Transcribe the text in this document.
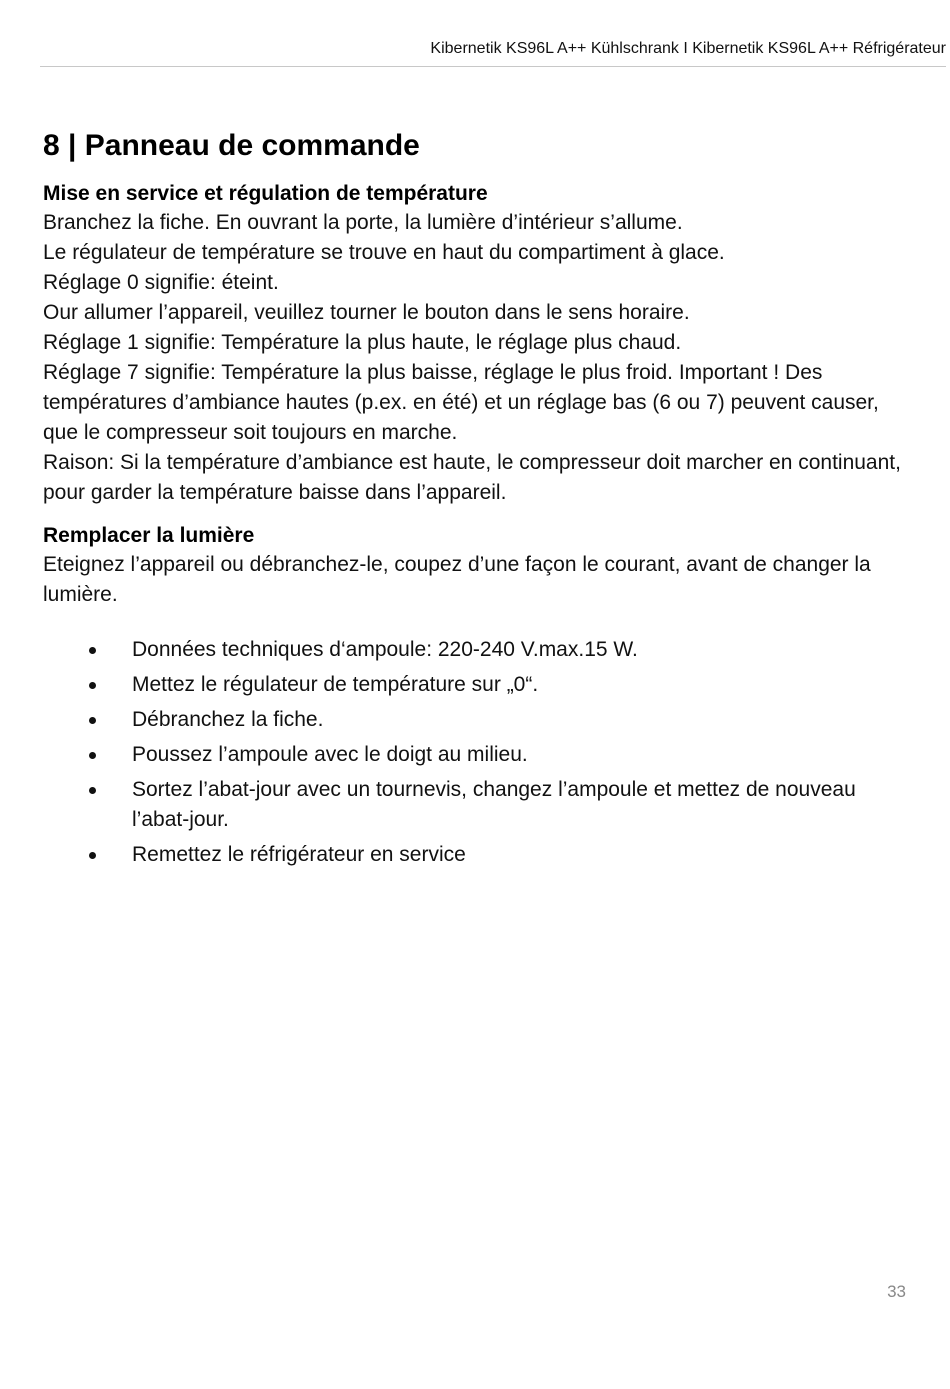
Kibernetik KS96L A++ Kühlschrank I Kibernetik KS96L A++ Réfrigérateur
8 | Panneau de commande
Mise en service et régulation de température

Branchez la fiche. En ouvrant la porte, la lumière d’intérieur s’allume.

Le régulateur de température se trouve en haut du compartiment à glace.

Réglage 0 signifie: éteint.

Our allumer l’appareil, veuillez tourner le bouton dans le sens horaire.

Réglage 1 signifie: Température la plus haute, le réglage plus chaud.

Réglage 7 signifie: Température la plus baisse, réglage le plus froid. Important ! Des températures d’ambiance hautes (p.ex. en été) et un réglage bas (6 ou 7) peuvent causer, que le compresseur soit toujours en marche.

Raison: Si la température d’ambiance est haute, le compresseur doit marcher en continuant, pour garder la température baisse dans l’appareil.

Remplacer la lumière

Eteignez l’appareil ou débranchez-le, coupez d’une façon le courant, avant de changer la lumière.

Données techniques d‘ampoule: 220-240 V.max.15 W.
Mettez le régulateur de température sur „0“.
Débranchez la fiche.
Poussez l’ampoule avec le doigt au milieu.
Sortez l’abat-jour avec un tournevis, changez l’ampoule et mettez de nouveau l’abat-jour.
Remettez le réfrigérateur en service
33
